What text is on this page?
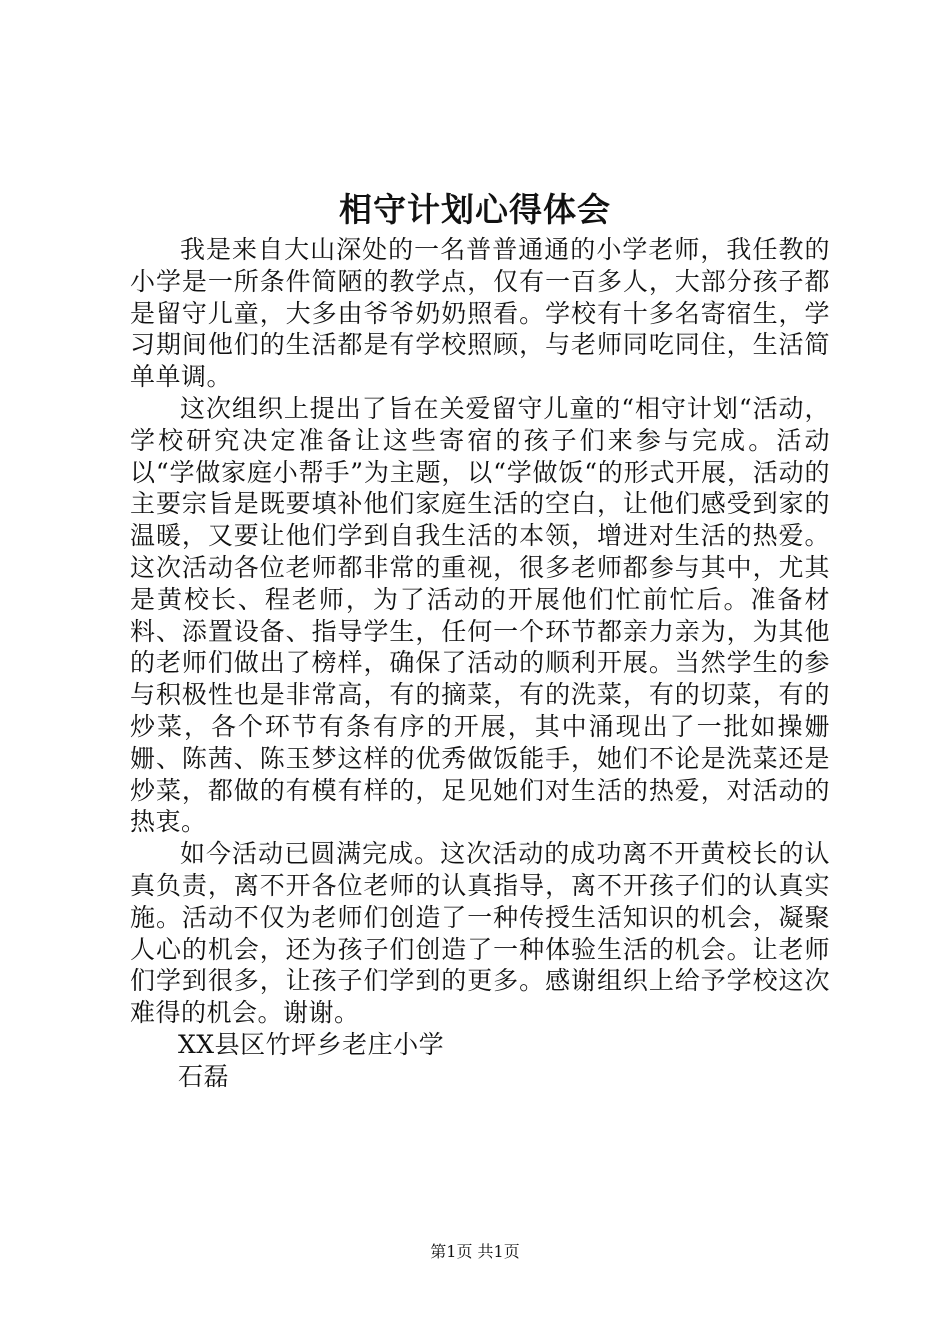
相守计划心得体会

我是来自大山深处的一名普普通通的小学老师，我任教的小学是一所条件简陋的教学点，仅有一百多人，大部分孩子都是留守儿童，大多由爷爷奶奶照看。学校有十多名寄宿生，学习期间他们的生活都是有学校照顾，与老师同吃同住，生活简单单调。

这次组织上提出了旨在关爱留守儿童的“相守计划“活动，学校研究决定准备让这些寄宿的孩子们来参与完成。活动以“学做家庭小帮手”为主题，以“学做饭“的形式开展，活动的主要宗旨是既要填补他们家庭生活的空白，让他们感受到家的温暖，又要让他们学到自我生活的本领，增进对生活的热爱。这次活动各位老师都非常的重视，很多老师都参与其中，尤其是黄校长、程老师，为了活动的开展他们忙前忙后。准备材料、添置设备、指导学生，任何一个环节都亲力亲为，为其他的老师们做出了榜样，确保了活动的顺利开展。当然学生的参与积极性也是非常高，有的摘菜，有的洗菜，有的切菜，有的炒菜，各个环节有条有序的开展，其中涌现出了一批如操姗姗、陈茜、陈玉梦这样的优秀做饭能手，她们不论是洗菜还是炒菜，都做的有模有样的，足见她们对生活的热爱，对活动的热衷。

如今活动已圆满完成。这次活动的成功离不开黄校长的认真负责，离不开各位老师的认真指导，离不开孩子们的认真实施。活动不仅为老师们创造了一种传授生活知识的机会，凝聚人心的机会，还为孩子们创造了一种体验生活的机会。让老师们学到很多，让孩子们学到的更多。感谢组织上给予学校这次难得的机会。谢谢。

XX县区竹坪乡老庄小学

石磊

第1页 共1页
